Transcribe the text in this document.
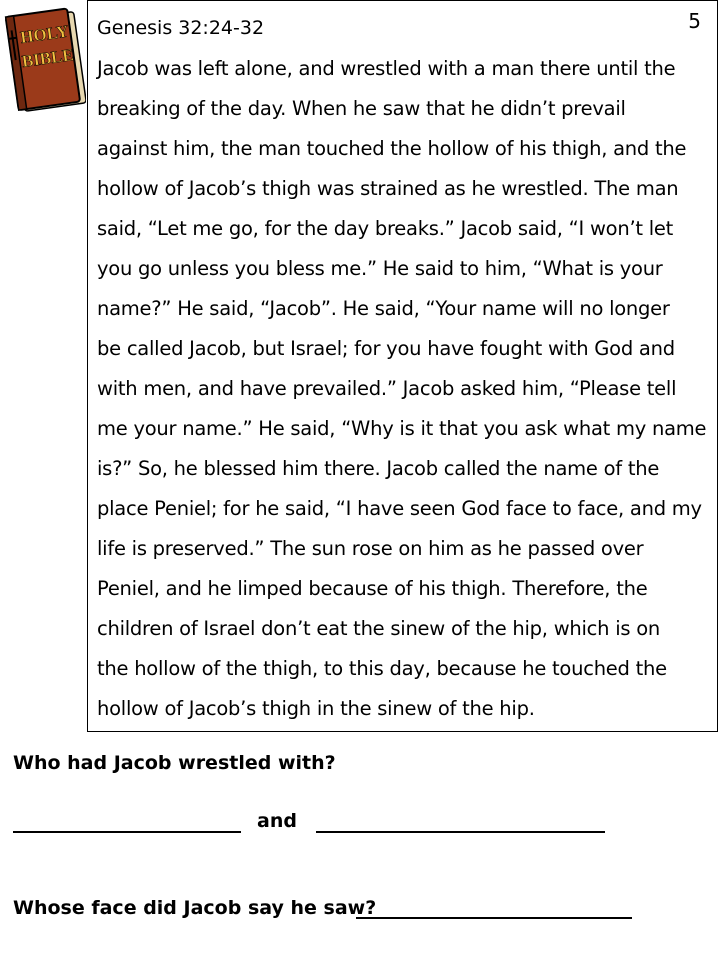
HOLY
BIBLE
5
Genesis 32:24-32
Jacob was left alone, and wrestled with a man there until the
breaking of the day. When he saw that he didn’t prevail
against him, the man touched the hollow of his thigh, and the
hollow of Jacob’s thigh was strained as he wrestled. The man
said, “Let me go, for the day breaks.” Jacob said, “I won’t let
you go unless you bless me.” He said to him, “What is your
name?” He said, “Jacob”. He said, “Your name will no longer
be called Jacob, but Israel; for you have fought with God and
with men, and have prevailed.” Jacob asked him, “Please tell
me your name.” He said, “Why is it that you ask what my name
is?” So, he blessed him there. Jacob called the name of the
place Peniel; for he said, “I have seen God face to face, and my
life is preserved.” The sun rose on him as he passed over
Peniel, and he limped because of his thigh. Therefore, the
children of Israel don’t eat the sinew of the hip, which is on
the hollow of the thigh, to this day, because he touched the
hollow of Jacob’s thigh in the sinew of the hip.
Who had Jacob wrestled with?
and
Whose face did Jacob say he saw?
